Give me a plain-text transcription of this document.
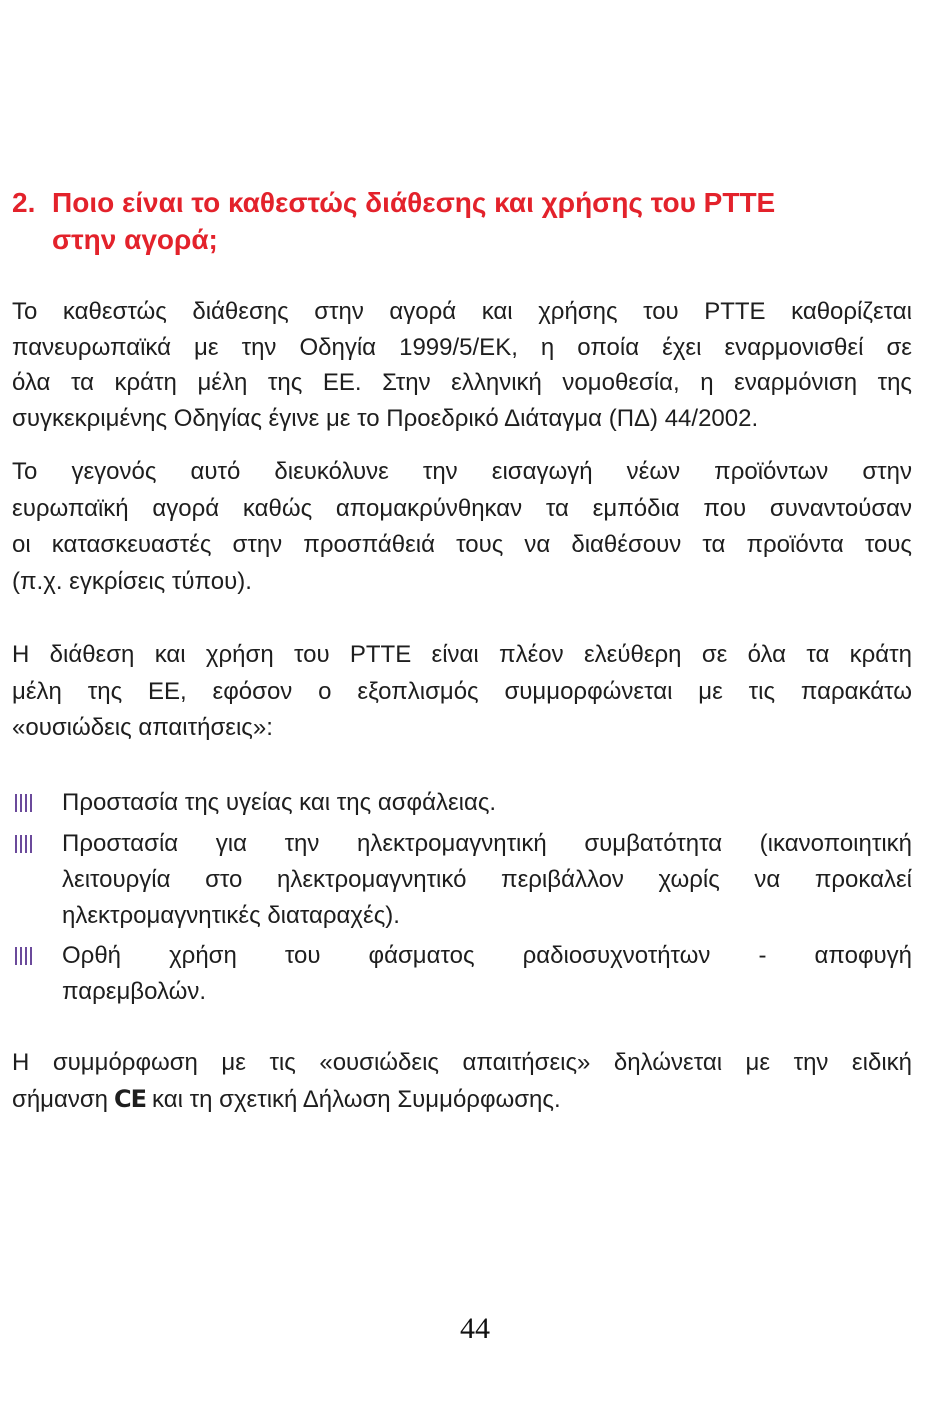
2. Ποιο είναι το καθεστώς διάθεσης και χρήσης του PTTE
στην αγορά;
Το καθεστώς διάθεσης στην αγορά και χρήσης του PTTE καθορίζεται
πανευρωπαϊκά με την Οδηγία 1999/5/ΕΚ, η οποία έχει εναρμονισθεί σε
όλα τα κράτη μέλη της ΕΕ. Στην ελληνική νομοθεσία, η εναρμόνιση της
συγκεκριμένης Οδηγίας έγινε με το Προεδρικό Διάταγμα (ΠΔ) 44/2002.
Το γεγονός αυτό διευκόλυνε την εισαγωγή νέων προϊόντων στην
ευρωπαϊκή αγορά καθώς απομακρύνθηκαν τα εμπόδια που συναντούσαν
οι κατασκευαστές στην προσπάθειά τους να διαθέσουν τα προϊόντα τους
(π.χ. εγκρίσεις τύπου).
Η διάθεση και χρήση του PTTE είναι πλέον ελεύθερη σε όλα τα κράτη
μέλη της ΕΕ, εφόσον ο εξοπλισμός συμμορφώνεται με τις παρακάτω
«ουσιώδεις απαιτήσεις»:
Προστασία της υγείας και της ασφάλειας.
Προστασία για την ηλεκτρομαγνητική συμβατότητα (ικανοποιητική
λειτουργία στο ηλεκτρομαγνητικό περιβάλλον χωρίς να προκαλεί
ηλεκτρομαγνητικές διαταραχές).
Ορθή χρήση του φάσματος ραδιοσυχνοτήτων - αποφυγή
παρεμβολών.
Η συμμόρφωση με τις «ουσιώδεις απαιτήσεις» δηλώνεται με την ειδική
σήμανση CE και τη σχετική Δήλωση Συμμόρφωσης.
44
